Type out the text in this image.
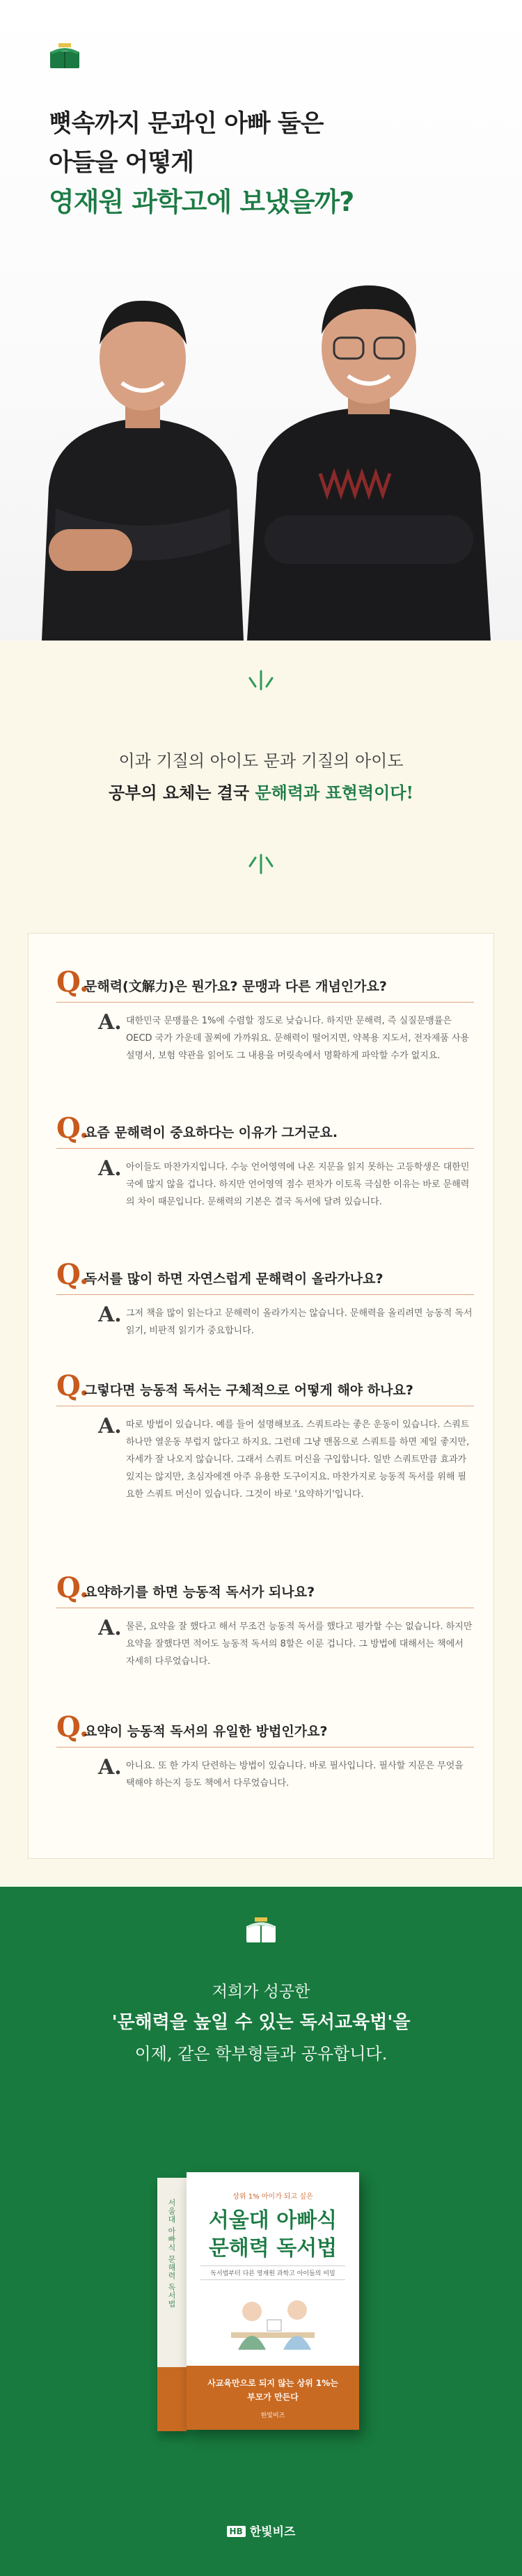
뼛속까지 문과인 아빠 둘은
아들을 어떻게
영재원 과학고에 보냈을까?
이과 기질의 아이도 문과 기질의 아이도
공부의 요체는 결국 문해력과 표현력이다!
Q.
문해력(文解力)은 뭔가요? 문맹과 다른 개념인가요?
A. 대한민국 문맹률은 1%에 수렴할 정도로 낮습니다. 하지만 문해력, 즉 실질문맹률은 OECD 국가 가운데 꼴찌에 가까워요. 문해력이 떨어지면, 약복용 지도서, 전자제품 사용설명서, 보험 약관을 읽어도 그 내용을 머릿속에서 명확하게 파악할 수가 없지요.

Q.
요즘 문해력이 중요하다는 이유가 그거군요.
A. 아이들도 마찬가지입니다. 수능 언어영역에 나온 지문을 읽지 못하는 고등학생은 대한민국에 많지 않을 겁니다. 하지만 언어영역 점수 편차가 이토록 극심한 이유는 바로 문해력의 차이 때문입니다. 문해력의 기본은 결국 독서에 달려 있습니다.

Q.
독서를 많이 하면 자연스럽게 문해력이 올라가나요?
A. 그저 책을 많이 읽는다고 문해력이 올라가지는 않습니다. 문해력을 올리려면 능동적 독서 읽기, 비판적 읽기가 중요합니다.

Q.
그렇다면 능동적 독서는 구체적으로 어떻게 해야 하나요?
A. 따로 방법이 있습니다. 예를 들어 설명해보죠. 스쿼트라는 좋은 운동이 있습니다. 스쿼트 하나만 열운동 부럽지 않다고 하지요. 그런데 그냥 맨몸으로 스쿼트를 하면 제일 좋지만, 자세가 잘 나오지 않습니다. 그래서 스쿼트 머신을 구입합니다. 일반 스쿼트만큼 효과가 있지는 않지만, 초심자에겐 아주 유용한 도구이지요. 마찬가지로 능동적 독서를 위해 필요한 스쿼트 머신이 있습니다. 그것이 바로 '요약하기'입니다.

Q.
요약하기를 하면 능동적 독서가 되나요?
A. 물론, 요약을 잘 했다고 해서 무조건 능동적 독서를 했다고 평가할 수는 없습니다. 하지만 요약을 잘했다면 적어도 능동적 독서의 8할은 이룬 겁니다. 그 방법에 대해서는 책에서 자세히 다루었습니다.

Q.
요약이 능동적 독서의 유일한 방법인가요?
A. 아니요. 또 한 가지 단련하는 방법이 있습니다. 바로 필사입니다. 필사할 지문은 무엇을 택해야 하는지 등도 책에서 다루었습니다.

저희가 성공한
'문해력을 높일 수 있는 독서교육법'을
이제, 같은 학부형들과 공유합니다.
서울대 아빠식 문해력 독서법
상위 1% 아이가 되고 싶은
서울대 아빠식
문해력 독서법
독서법부터 다른 영재원 과학고 아이들의 비밀
사교육만으로 되지 않는 상위 1%는
부모가 만든다
한빛비즈
HB 한빛비즈
